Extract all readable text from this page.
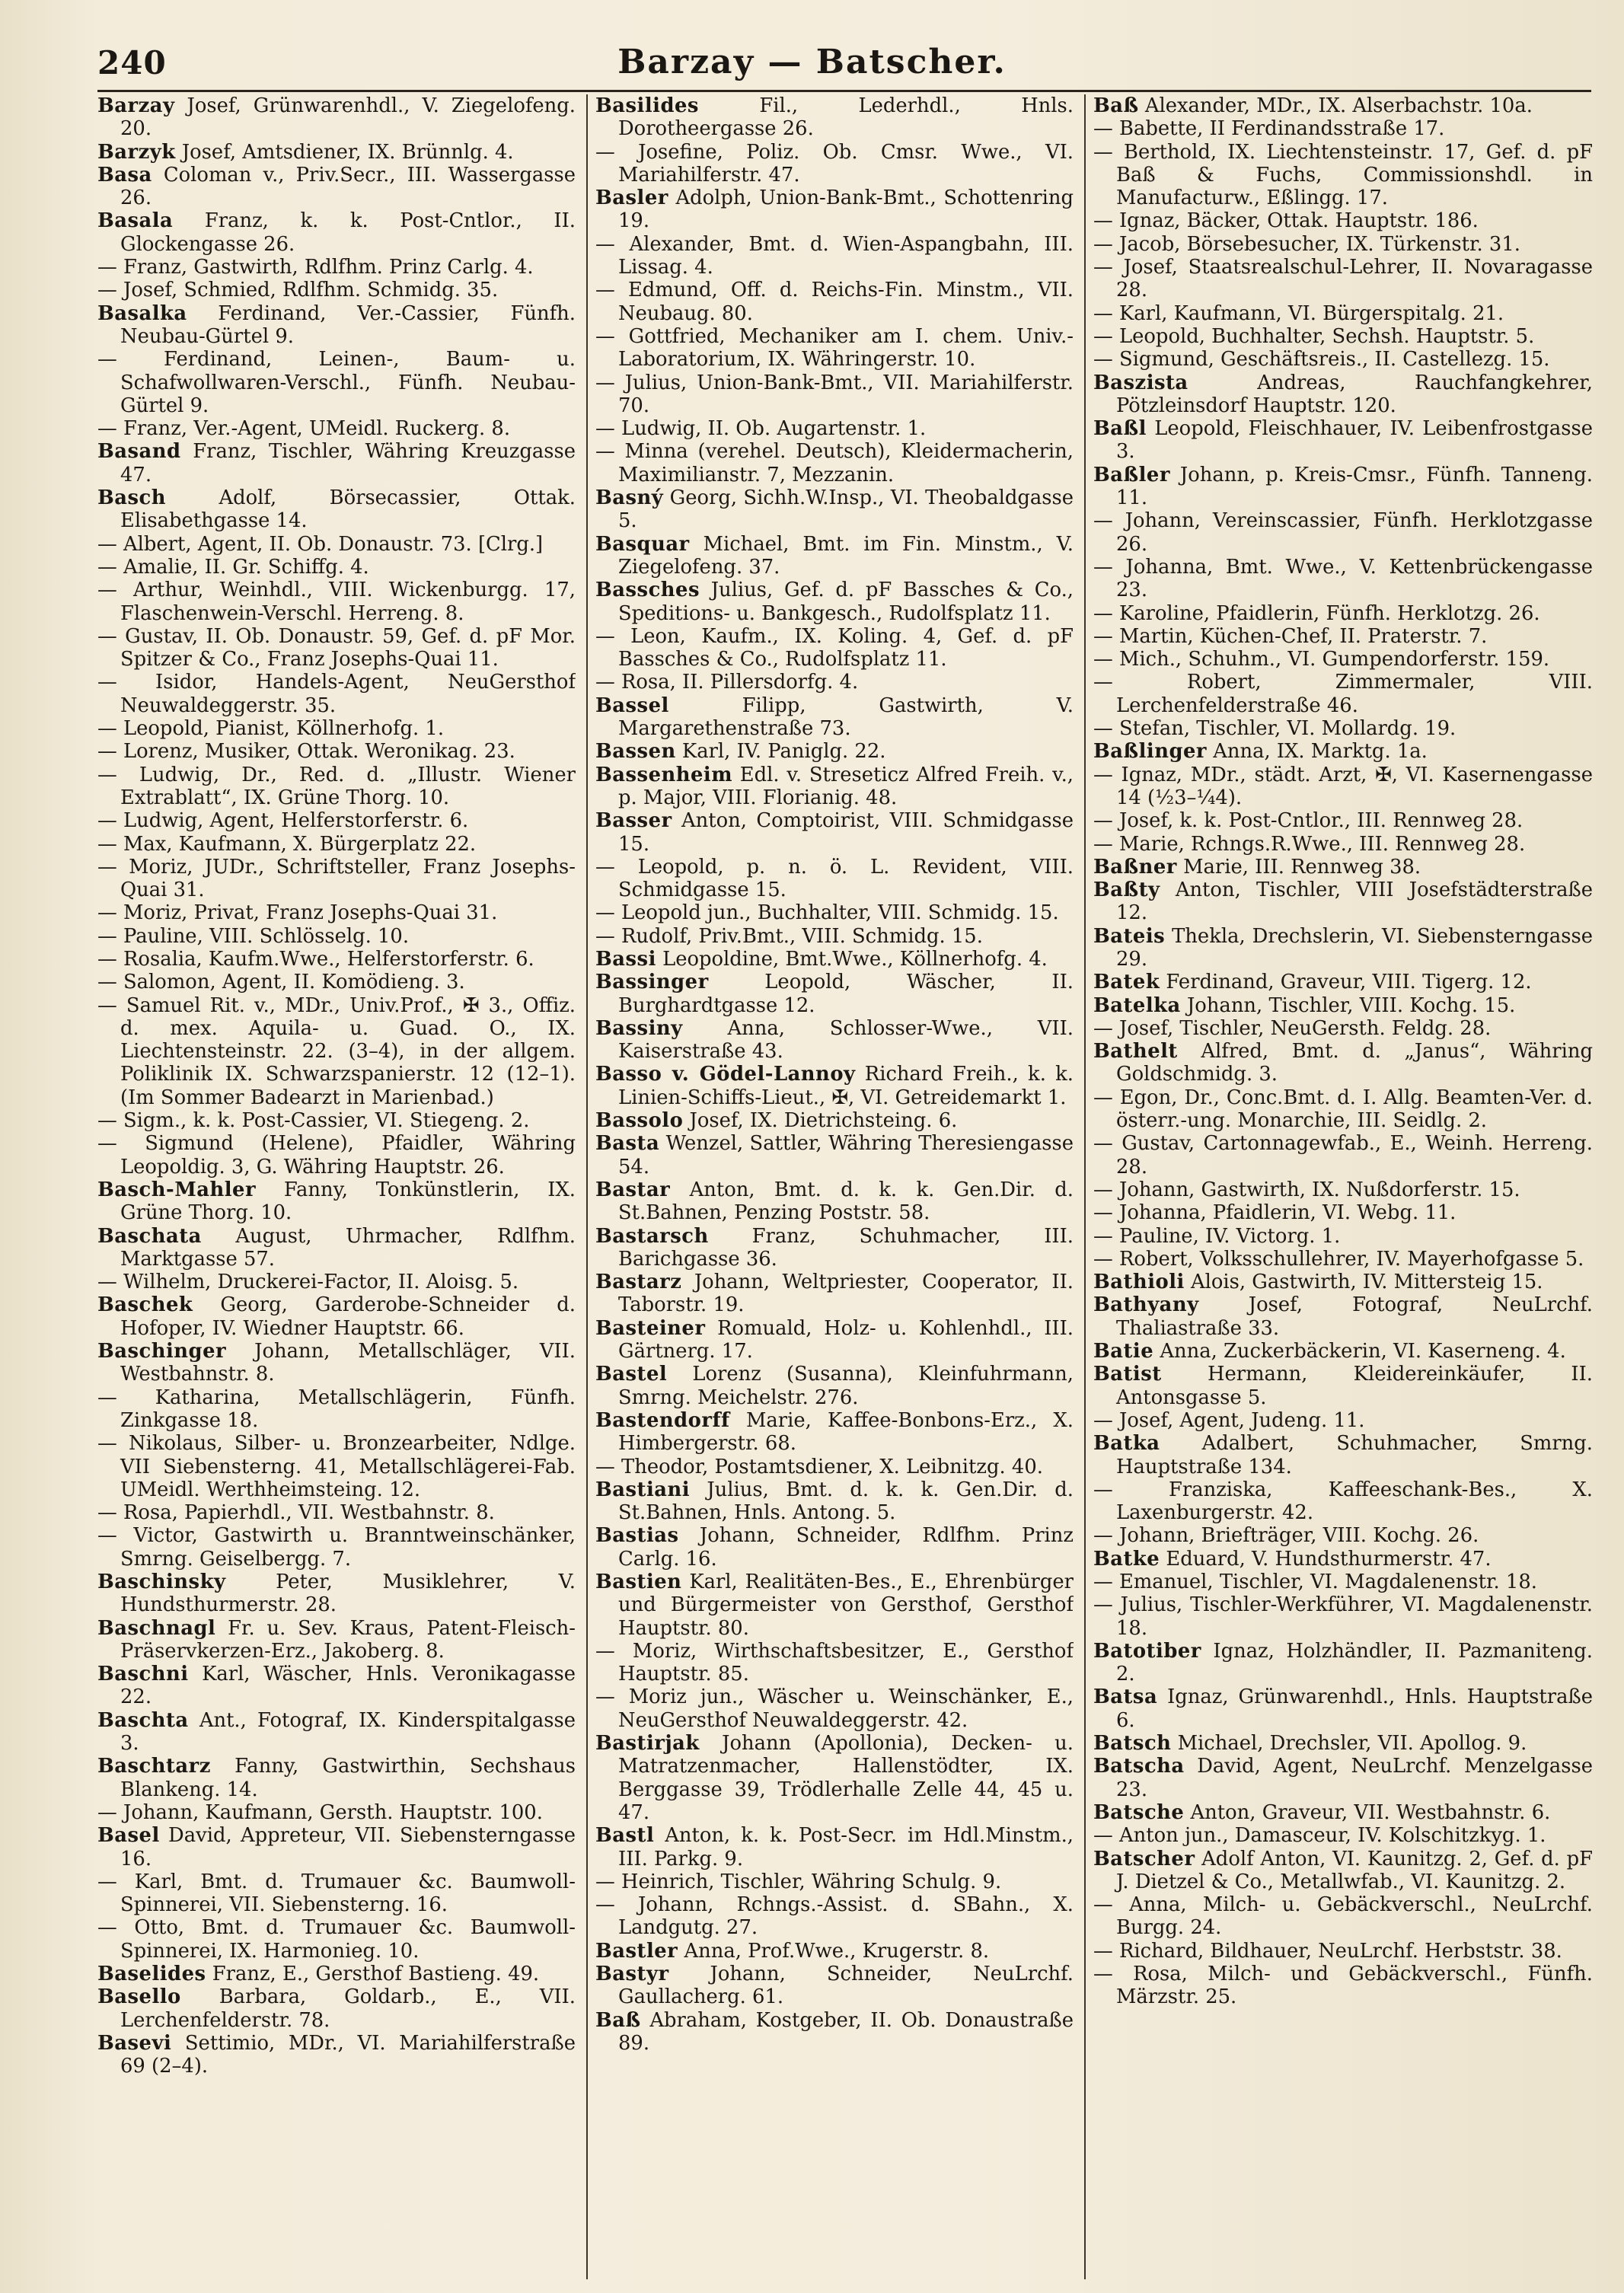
240	Barzay — Batscher.

Barzay Josef, Grünwarenhdl., V. Ziegelofeng. 20.

Barzyk Josef, Amtsdiener, IX. Brünnlg. 4.

Basa Coloman v., Priv.Secr., III. Wassergasse 26.

Basala Franz, k. k. Post-Cntlor., II. Glockengasse 26.

— Franz, Gastwirth, Rdlfhm. Prinz Carlg. 4.

— Josef, Schmied, Rdlfhm. Schmidg. 35.

Basalka Ferdinand, Ver.-Cassier, Fünfh. Neubau-Gürtel 9.

— Ferdinand, Leinen-, Baum- u. Schafwollwaren-Verschl., Fünfh. Neubau-Gürtel 9.

— Franz, Ver.-Agent, UMeidl. Ruckerg. 8.

Basand Franz, Tischler, Währing Kreuzgasse 47.

Basch Adolf, Börsecassier, Ottak. Elisabethgasse 14.

— Albert, Agent, II. Ob. Donaustr. 73. [Clrg.]

— Amalie, II. Gr. Schiffg. 4.

— Arthur, Weinhdl., VIII. Wickenburgg. 17, Flaschenwein-Verschl. Herreng. 8.

— Gustav, II. Ob. Donaustr. 59, Gef. d. pF Mor. Spitzer & Co., Franz Josephs-Quai 11.

— Isidor, Handels-Agent, NeuGersthof Neuwaldeggerstr. 35.

— Leopold, Pianist, Köllnerhofg. 1.

— Lorenz, Musiker, Ottak. Weronikag. 23.

— Ludwig, Dr., Red. d. „Illustr. Wiener Extrablatt“, IX. Grüne Thorg. 10.

— Ludwig, Agent, Helferstorferstr. 6.

— Max, Kaufmann, X. Bürgerplatz 22.

— Moriz, JUDr., Schriftsteller, Franz Josephs-Quai 31.

— Moriz, Privat, Franz Josephs-Quai 31.

— Pauline, VIII. Schlösselg. 10.

— Rosalia, Kaufm.Wwe., Helferstorferstr. 6.

— Salomon, Agent, II. Komödieng. 3.

— Samuel Rit. v., MDr., Univ.Prof., ✠ 3., Offiz. d. mex. Aquila- u. Guad. O., IX. Liechtensteinstr. 22. (3–4), in der allgem. Poliklinik IX. Schwarzspanierstr. 12 (12–1). (Im Sommer Badearzt in Marienbad.)

— Sigm., k. k. Post-Cassier, VI. Stiegeng. 2.

— Sigmund (Helene), Pfaidler, Währing Leopoldig. 3, G. Währing Hauptstr. 26.

Basch-Mahler Fanny, Tonkünstlerin, IX. Grüne Thorg. 10.

Baschata August, Uhrmacher, Rdlfhm. Marktgasse 57.

— Wilhelm, Druckerei-Factor, II. Aloisg. 5.

Baschek Georg, Garderobe-Schneider d. Hofoper, IV. Wiedner Hauptstr. 66.

Baschinger Johann, Metallschläger, VII. Westbahnstr. 8.

— Katharina, Metallschlägerin, Fünfh. Zinkgasse 18.

— Nikolaus, Silber- u. Bronzearbeiter, Ndlge. VII Siebensterng. 41, Metallschlägerei-Fab. UMeidl. Werthheimsteing. 12.

— Rosa, Papierhdl., VII. Westbahnstr. 8.

— Victor, Gastwirth u. Branntweinschänker, Smrng. Geiselbergg. 7.

Baschinsky Peter, Musiklehrer, V. Hundsthurmerstr. 28.

Baschnagl Fr. u. Sev. Kraus, Patent-Fleisch-Präservkerzen-Erz., Jakoberg. 8.

Baschni Karl, Wäscher, Hnls. Veronikagasse 22.

Baschta Ant., Fotograf, IX. Kinderspitalgasse 3.

Baschtarz Fanny, Gastwirthin, Sechshaus Blankeng. 14.

— Johann, Kaufmann, Gersth. Hauptstr. 100.

Basel David, Appreteur, VII. Siebensterngasse 16.

— Karl, Bmt. d. Trumauer &c. Baumwoll-Spinnerei, VII. Siebensterng. 16.

— Otto, Bmt. d. Trumauer &c. Baumwoll-Spinnerei, IX. Harmonieg. 10.

Baselides Franz, E., Gersthof Bastieng. 49.

Basello Barbara, Goldarb., E., VII. Lerchenfelderstr. 78.

Basevi Settimio, MDr., VI. Mariahilferstraße 69 (2–4).

Basilides Fil., Lederhdl., Hnls. Dorotheergasse 26.

— Josefine, Poliz. Ob. Cmsr. Wwe., VI. Mariahilferstr. 47.

Basler Adolph, Union-Bank-Bmt., Schottenring 19.

— Alexander, Bmt. d. Wien-Aspangbahn, III. Lissag. 4.

— Edmund, Off. d. Reichs-Fin. Minstm., VII. Neubaug. 80.

— Gottfried, Mechaniker am I. chem. Univ.-Laboratorium, IX. Währingerstr. 10.

— Julius, Union-Bank-Bmt., VII. Mariahilferstr. 70.

— Ludwig, II. Ob. Augartenstr. 1.

— Minna (verehel. Deutsch), Kleidermacherin, Maximilianstr. 7, Mezzanin.

Basný Georg, Sichh.W.Insp., VI. Theobaldgasse 5.

Basquar Michael, Bmt. im Fin. Minstm., V. Ziegelofeng. 37.

Bassches Julius, Gef. d. pF Bassches & Co., Speditions- u. Bankgesch., Rudolfsplatz 11.

— Leon, Kaufm., IX. Koling. 4, Gef. d. pF Bassches & Co., Rudolfsplatz 11.

— Rosa, II. Pillersdorfg. 4.

Bassel Filipp, Gastwirth, V. Margarethenstraße 73.

Bassen Karl, IV. Paniglg. 22.

Bassenheim Edl. v. Streseticz Alfred Freih. v., p. Major, VIII. Florianig. 48.

Basser Anton, Comptoirist, VIII. Schmidgasse 15.

— Leopold, p. n. ö. L. Revident, VIII. Schmidgasse 15.

— Leopold jun., Buchhalter, VIII. Schmidg. 15.

— Rudolf, Priv.Bmt., VIII. Schmidg. 15.

Bassi Leopoldine, Bmt.Wwe., Köllnerhofg. 4.

Bassinger Leopold, Wäscher, II. Burghardtgasse 12.

Bassiny Anna, Schlosser-Wwe., VII. Kaiserstraße 43.

Basso v. Gödel-Lannoy Richard Freih., k. k. Linien-Schiffs-Lieut., ✠, VI. Getreidemarkt 1.

Bassolo Josef, IX. Dietrichsteing. 6.

Basta Wenzel, Sattler, Währing Theresiengasse 54.

Bastar Anton, Bmt. d. k. k. Gen.Dir. d. St.Bahnen, Penzing Poststr. 58.

Bastarsch Franz, Schuhmacher, III. Barichgasse 36.

Bastarz Johann, Weltpriester, Cooperator, II. Taborstr. 19.

Basteiner Romuald, Holz- u. Kohlenhdl., III. Gärtnerg. 17.

Bastel Lorenz (Susanna), Kleinfuhrmann, Smrng. Meichelstr. 276.

Bastendorff Marie, Kaffee-Bonbons-Erz., X. Himbergerstr. 68.

— Theodor, Postamtsdiener, X. Leibnitzg. 40.

Bastiani Julius, Bmt. d. k. k. Gen.Dir. d. St.Bahnen, Hnls. Antong. 5.

Bastias Johann, Schneider, Rdlfhm. Prinz Carlg. 16.

Bastien Karl, Realitäten-Bes., E., Ehrenbürger und Bürgermeister von Gersthof, Gersthof Hauptstr. 80.

— Moriz, Wirthschaftsbesitzer, E., Gersthof Hauptstr. 85.

— Moriz jun., Wäscher u. Weinschänker, E., NeuGersthof Neuwaldeggerstr. 42.

Bastirjak Johann (Apollonia), Decken- u. Matratzenmacher, Hallenstödter, IX. Berggasse 39, Trödlerhalle Zelle 44, 45 u. 47.

Bastl Anton, k. k. Post-Secr. im Hdl.Minstm., III. Parkg. 9.

— Heinrich, Tischler, Währing Schulg. 9.

— Johann, Rchngs.-Assist. d. SBahn., X. Landgutg. 27.

Bastler Anna, Prof.Wwe., Krugerstr. 8.

Bastyr Johann, Schneider, NeuLrchf. Gaullacherg. 61.

Baß Abraham, Kostgeber, II. Ob. Donaustraße 89.

Baß Alexander, MDr., IX. Alserbachstr. 10a.

— Babette, II Ferdinandsstraße 17.

— Berthold, IX. Liechtensteinstr. 17, Gef. d. pF Baß & Fuchs, Commissionshdl. in Manufacturw., Eßlingg. 17.

— Ignaz, Bäcker, Ottak. Hauptstr. 186.

— Jacob, Börsebesucher, IX. Türkenstr. 31.

— Josef, Staatsrealschul-Lehrer, II. Novaragasse 28.

— Karl, Kaufmann, VI. Bürgerspitalg. 21.

— Leopold, Buchhalter, Sechsh. Hauptstr. 5.

— Sigmund, Geschäftsreis., II. Castellezg. 15.

Baszista Andreas, Rauchfangkehrer, Pötzleinsdorf Hauptstr. 120.

Baßl Leopold, Fleischhauer, IV. Leibenfrostgasse 3.

Baßler Johann, p. Kreis-Cmsr., Fünfh. Tanneng. 11.

— Johann, Vereinscassier, Fünfh. Herklotzgasse 26.

— Johanna, Bmt. Wwe., V. Kettenbrückengasse 23.

— Karoline, Pfaidlerin, Fünfh. Herklotzg. 26.

— Martin, Küchen-Chef, II. Praterstr. 7.

— Mich., Schuhm., VI. Gumpendorferstr. 159.

— Robert, Zimmermaler, VIII. Lerchenfelderstraße 46.

— Stefan, Tischler, VI. Mollardg. 19.

Baßlinger Anna, IX. Marktg. 1a.

— Ignaz, MDr., städt. Arzt, ✠, VI. Kasernengasse 14 (½3–¼4).

— Josef, k. k. Post-Cntlor., III. Rennweg 28.

— Marie, Rchngs.R.Wwe., III. Rennweg 28.

Baßner Marie, III. Rennweg 38.

Baßty Anton, Tischler, VIII Josefstädterstraße 12.

Bateis Thekla, Drechslerin, VI. Siebensterngasse 29.

Batek Ferdinand, Graveur, VIII. Tigerg. 12.

Batelka Johann, Tischler, VIII. Kochg. 15.

— Josef, Tischler, NeuGersth. Feldg. 28.

Bathelt Alfred, Bmt. d. „Janus“, Währing Goldschmidg. 3.

— Egon, Dr., Conc.Bmt. d. I. Allg. Beamten-Ver. d. österr.-ung. Monarchie, III. Seidlg. 2.

— Gustav, Cartonnagewfab., E., Weinh. Herreng. 28.

— Johann, Gastwirth, IX. Nußdorferstr. 15.

— Johanna, Pfaidlerin, VI. Webg. 11.

— Pauline, IV. Victorg. 1.

— Robert, Volksschullehrer, IV. Mayerhofgasse 5.

Bathioli Alois, Gastwirth, IV. Mittersteig 15.

Bathyany Josef, Fotograf, NeuLrchf. Thaliastraße 33.

Batie Anna, Zuckerbäckerin, VI. Kaserneng. 4.

Batist Hermann, Kleidereinkäufer, II. Antonsgasse 5.

— Josef, Agent, Judeng. 11.

Batka Adalbert, Schuhmacher, Smrng. Hauptstraße 134.

— Franziska, Kaffeeschank-Bes., X. Laxenburgerstr. 42.

— Johann, Briefträger, VIII. Kochg. 26.

Batke Eduard, V. Hundsthurmerstr. 47.

— Emanuel, Tischler, VI. Magdalenenstr. 18.

— Julius, Tischler-Werkführer, VI. Magdalenenstr. 18.

Batotiber Ignaz, Holzhändler, II. Pazmaniteng. 2.

Batsa Ignaz, Grünwarenhdl., Hnls. Hauptstraße 6.

Batsch Michael, Drechsler, VII. Apollog. 9.

Batscha David, Agent, NeuLrchf. Menzelgasse 23.

Batsche Anton, Graveur, VII. Westbahnstr. 6.

— Anton jun., Damasceur, IV. Kolschitzkyg. 1.

Batscher Adolf Anton, VI. Kaunitzg. 2, Gef. d. pF J. Dietzel & Co., Metallwfab., VI. Kaunitzg. 2.

— Anna, Milch- u. Gebäckverschl., NeuLrchf. Burgg. 24.

— Richard, Bildhauer, NeuLrchf. Herbststr. 38.

— Rosa, Milch- und Gebäckverschl., Fünfh. Märzstr. 25.
